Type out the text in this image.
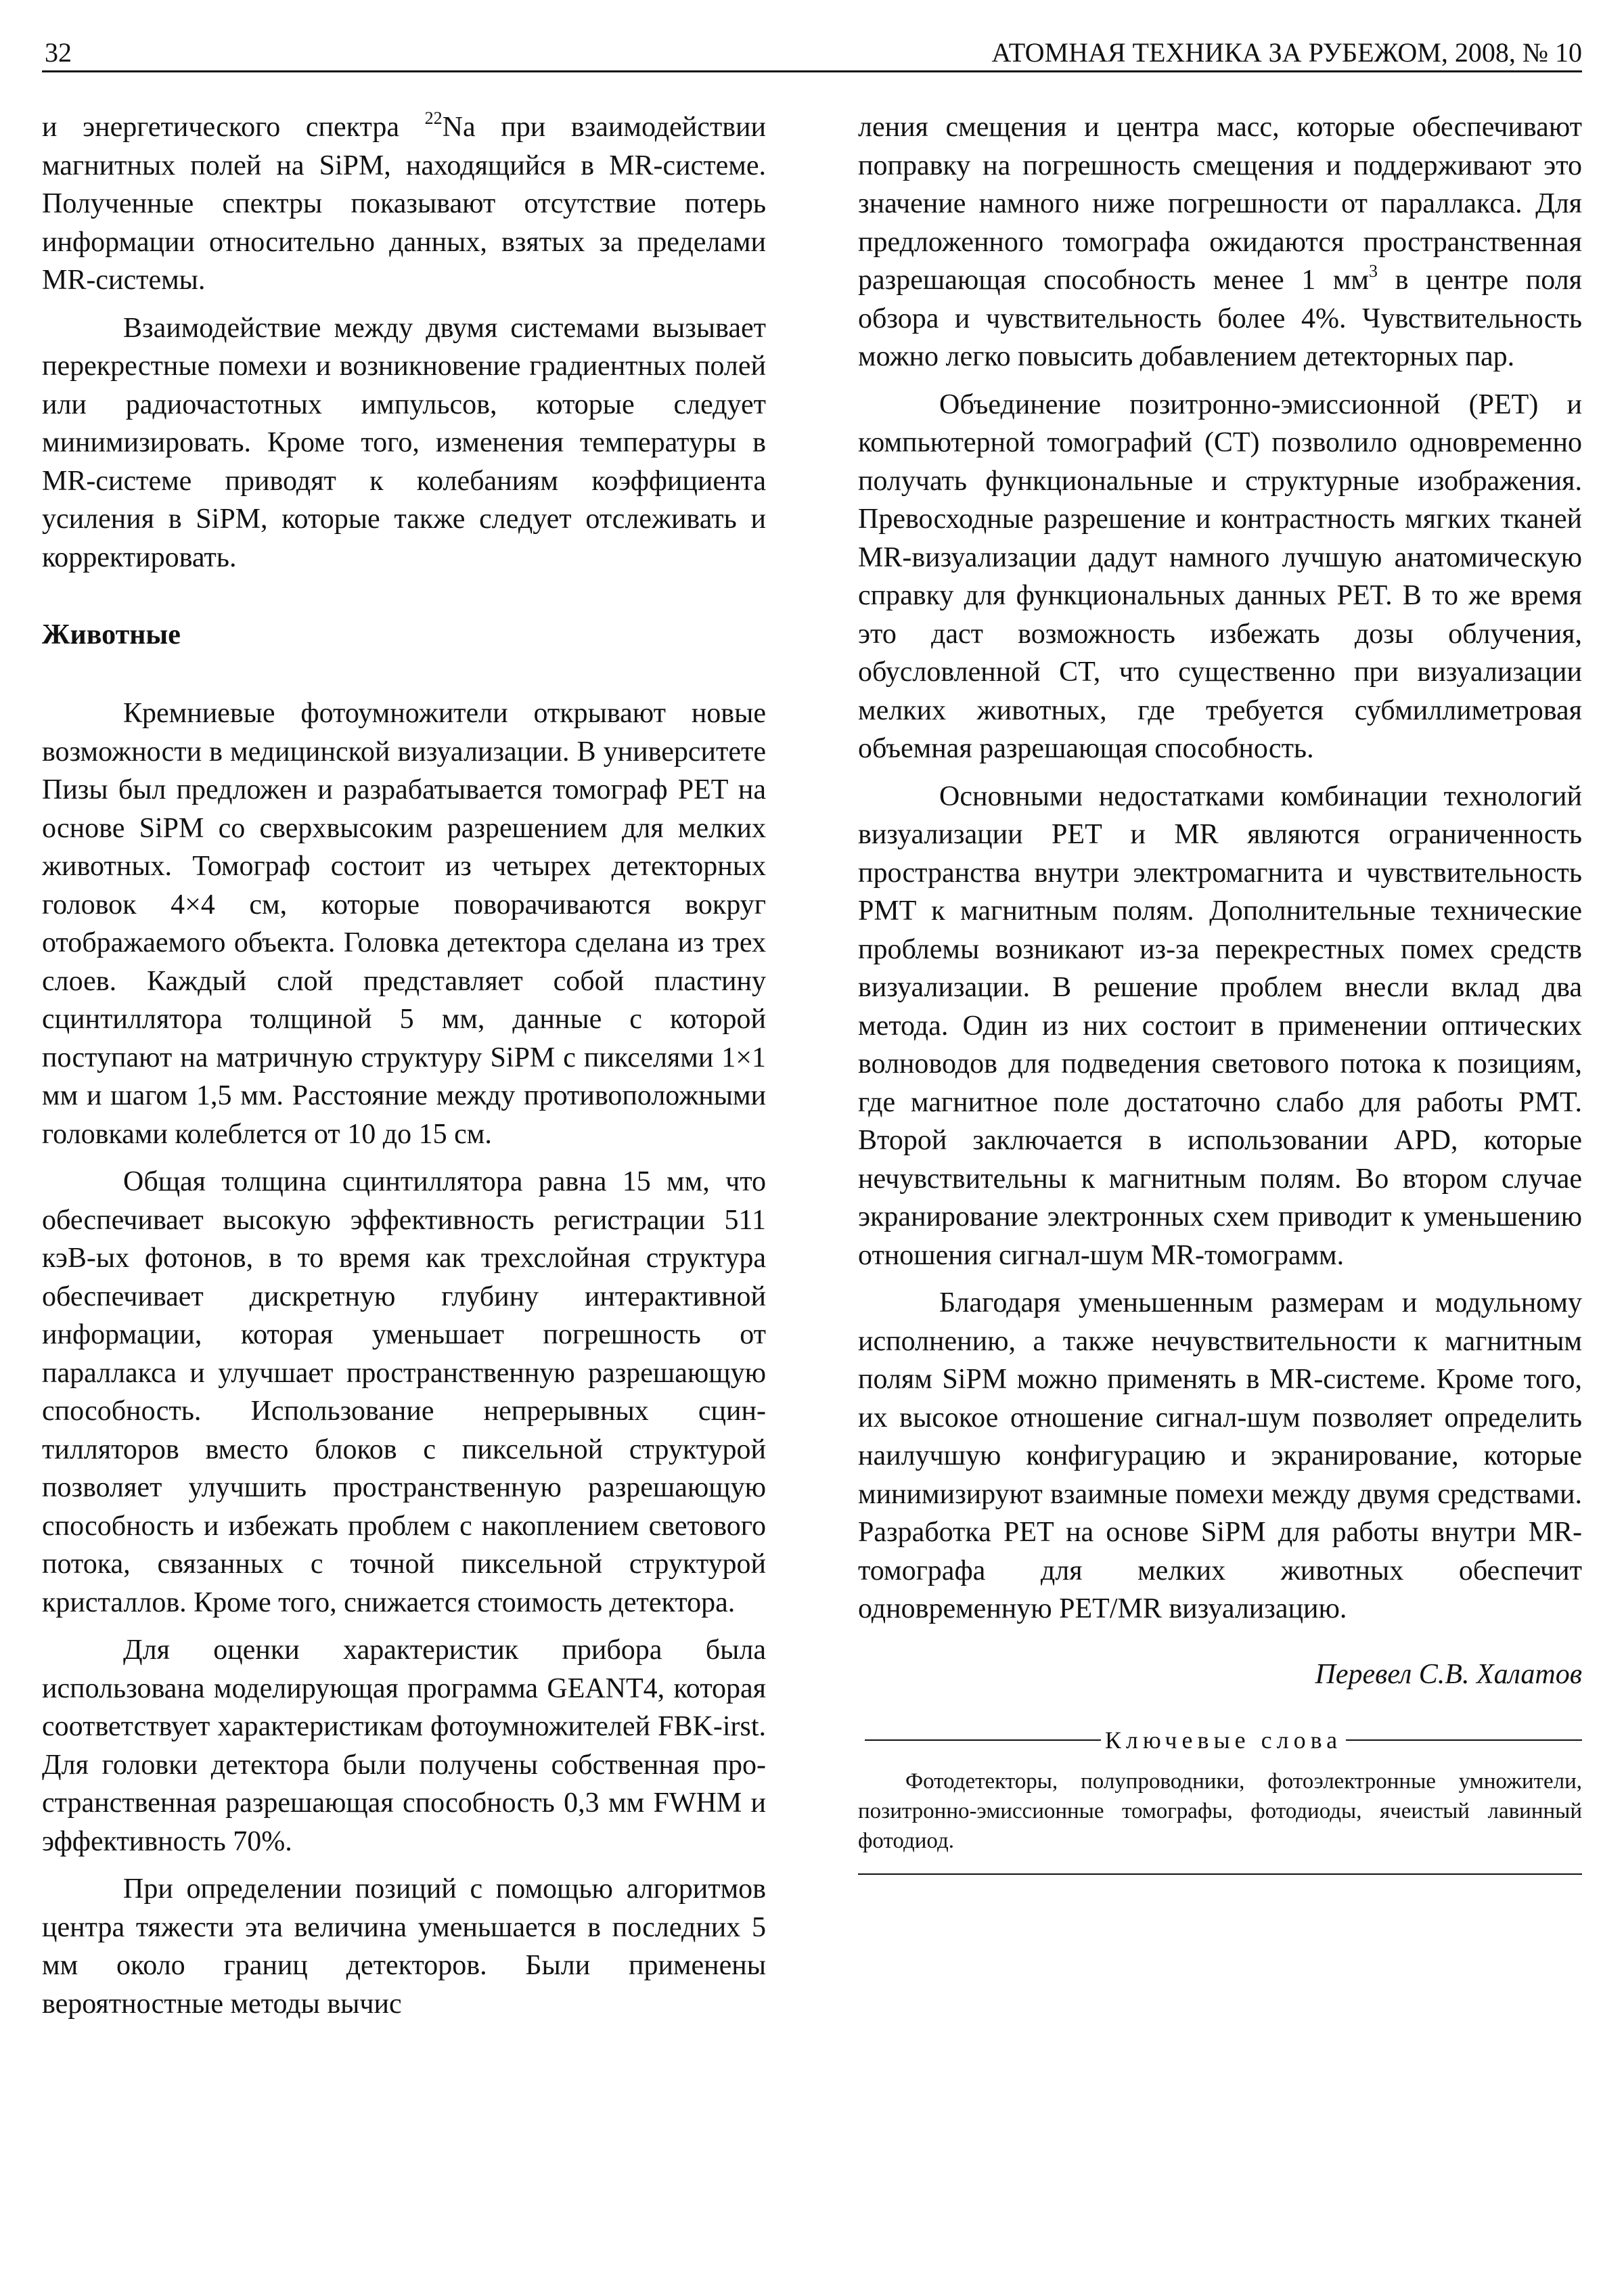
32	АТОМНАЯ ТЕХНИКА ЗА РУБЕЖОМ, 2008, № 10

и энергетического спектра $^{22}$Na при взаимодействии магнитных полей на SiPM, находящийся в MR-системе. Полученные спектры показывают отсутствие потерь информации относительно данных, взятых за пределами MR-системы.

Взаимодействие между двумя системами вызывает перекрестные помехи и возникновение градиентных полей или радиочастотных импульсов, которые следует минимизировать. Кроме того, изменения температуры в MR-системе приводят к колебаниям коэффициента усиления в SiPM, которые также следует отслеживать и корректировать.

Животные

Кремниевые фотоумножители открывают новые возможности в медицинской визуализации. В университете Пизы был предложен и разрабатывается томограф PET на основе SiPM со сверхвысоким разрешением для мелких животных. Томограф состоит из четырех детекторных головок 4×4 см, которые поворачиваются вокруг отображаемого объекта. Головка детектора сделана из трех слоев. Каждый слой представляет собой пластину сцинтиллятора толщиной 5 мм, данные с которой поступают на матричную структуру SiPM с пикселями 1×1 мм и шагом 1,5 мм. Расстояние между противоположными головками колеблется от 10 до 15 см.

Общая толщина сцинтиллятора равна 15 мм, что обеспечивает высокую эффективность регистрации 511 кэВ-ых фотонов, в то время как трехслойная структура обеспечивает дискретную глубину интерактивной информации, которая уменьшает погрешность от параллакса и улучшает пространственную разрешающую способность. Использование непрерывных сцинтилляторов вместо блоков с пиксельной структурой позволяет улучшить пространственную разрешающую способность и избежать проблем с накоплением светового потока, связанных с точной пиксельной структурой кристаллов. Кроме того, снижается стоимость детектора.

Для оценки характеристик прибора была использована моделирующая программа GEANT4, которая соответствует характеристикам фотоумножителей FBK-irst. Для головки детектора были получены собственная пространственная разрешающая способность 0,3 мм FWHM и эффективность 70%.

При определении позиций с помощью алгоритмов центра тяжести эта величина уменьшается в последних 5 мм около границ детекторов. Были применены вероятностные методы вычис

ления смещения и центра масс, которые обеспечивают поправку на погрешность смещения и поддерживают это значение намного ниже погрешности от параллакса. Для предложенного томографа ожидаются пространственная разрешающая способность менее 1 $мм^3$ в центре поля обзора и чувствительность более 4%. Чувствительность можно легко повысить добавлением детекторных пар.

Объединение позитронно-эмиссионной (PET) и компьютерной томографий (CT) позволило одновременно получать функциональные и структурные изображения. Превосходные разрешение и контрастность мягких тканей MR-визуализации дадут намного лучшую анатомическую справку для функциональных данных PET. В то же время это даст возможность избежать дозы облучения, обусловленной CT, что существенно при визуализации мелких животных, где требуется субмиллиметровая объемная разрешающая способность.

Основными недостатками комбинации технологий визуализации PET и MR являются ограниченность пространства внутри электромагнита и чувствительность PMT к магнитным полям. Дополнительные технические проблемы возникают из-за перекрестных помех средств визуализации. В решение проблем внесли вклад два метода. Один из них состоит в применении оптических волноводов для подведения светового потока к позициям, где магнитное поле достаточно слабо для работы PMT. Второй заключается в использовании APD, которые нечувствительны к магнитным полям. Во втором случае экранирование электронных схем приводит к уменьшению отношения сигнал-шум MR-томограмм.

Благодаря уменьшенным размерам и модульному исполнению, а также нечувствительности к магнитным полям SiPM можно применять в MR-системе. Кроме того, их высокое отношение сигнал-шум позволяет определить наилучшую конфигурацию и экранирование, которые минимизируют взаимные помехи между двумя средствами. Разработка PET на основе SiPM для работы внутри MR-томографа для мелких животных обеспечит одновременную PET/MR визуализацию.

Перевел С.В. Халатов
Ключевые слова
Фотодетекторы, полупроводники, фотоэлектронные умножители, позитронно-эмиссионные томографы, фотодиоды, ячеистый лавинный фотодиод.
